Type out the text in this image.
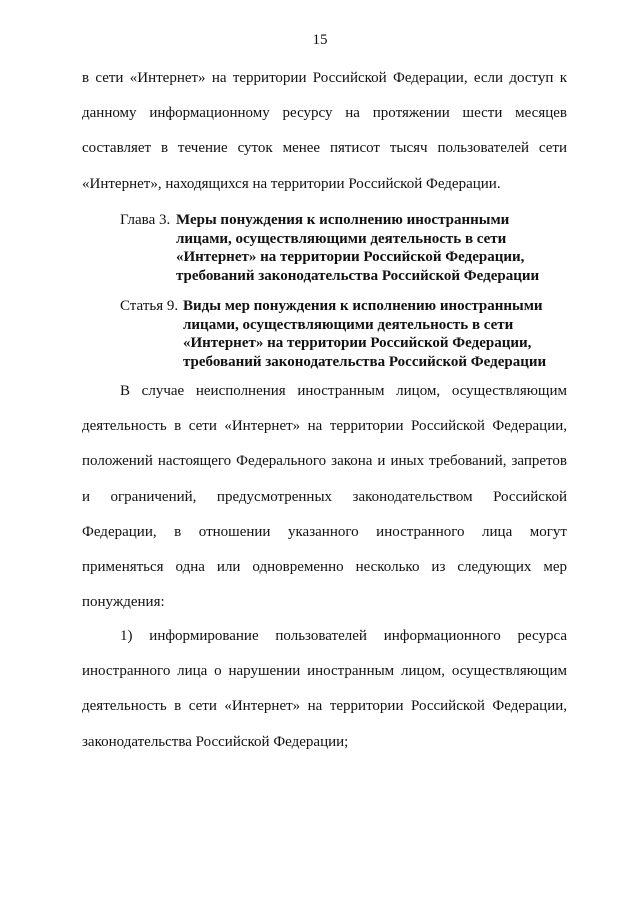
15
в сети «Интернет» на территории Российской Федерации, если доступ к
данному информационному ресурсу на протяжении шести месяцев
составляет в течение суток менее пятисот тысяч пользователей сети
«Интернет», находящихся на территории Российской Федерации.
Глава 3. Меры понуждения к исполнению иностранными
лицами, осуществляющими деятельность в сети
«Интернет» на территории Российской Федерации,
требований законодательства Российской Федерации
Статья 9. Виды мер понуждения к исполнению иностранными
лицами, осуществляющими деятельность в сети
«Интернет» на территории Российской Федерации,
требований законодательства Российской Федерации
В случае неисполнения иностранным лицом, осуществляющим
деятельность в сети «Интернет» на территории Российской Федерации,
положений настоящего Федерального закона и иных требований, запретов
и ограничений, предусмотренных законодательством Российской
Федерации, в отношении указанного иностранного лица могут
применяться одна или одновременно несколько из следующих мер
понуждения:
1) информирование пользователей информационного ресурса
иностранного лица о нарушении иностранным лицом, осуществляющим
деятельность в сети «Интернет» на территории Российской Федерации,
законодательства Российской Федерации;
